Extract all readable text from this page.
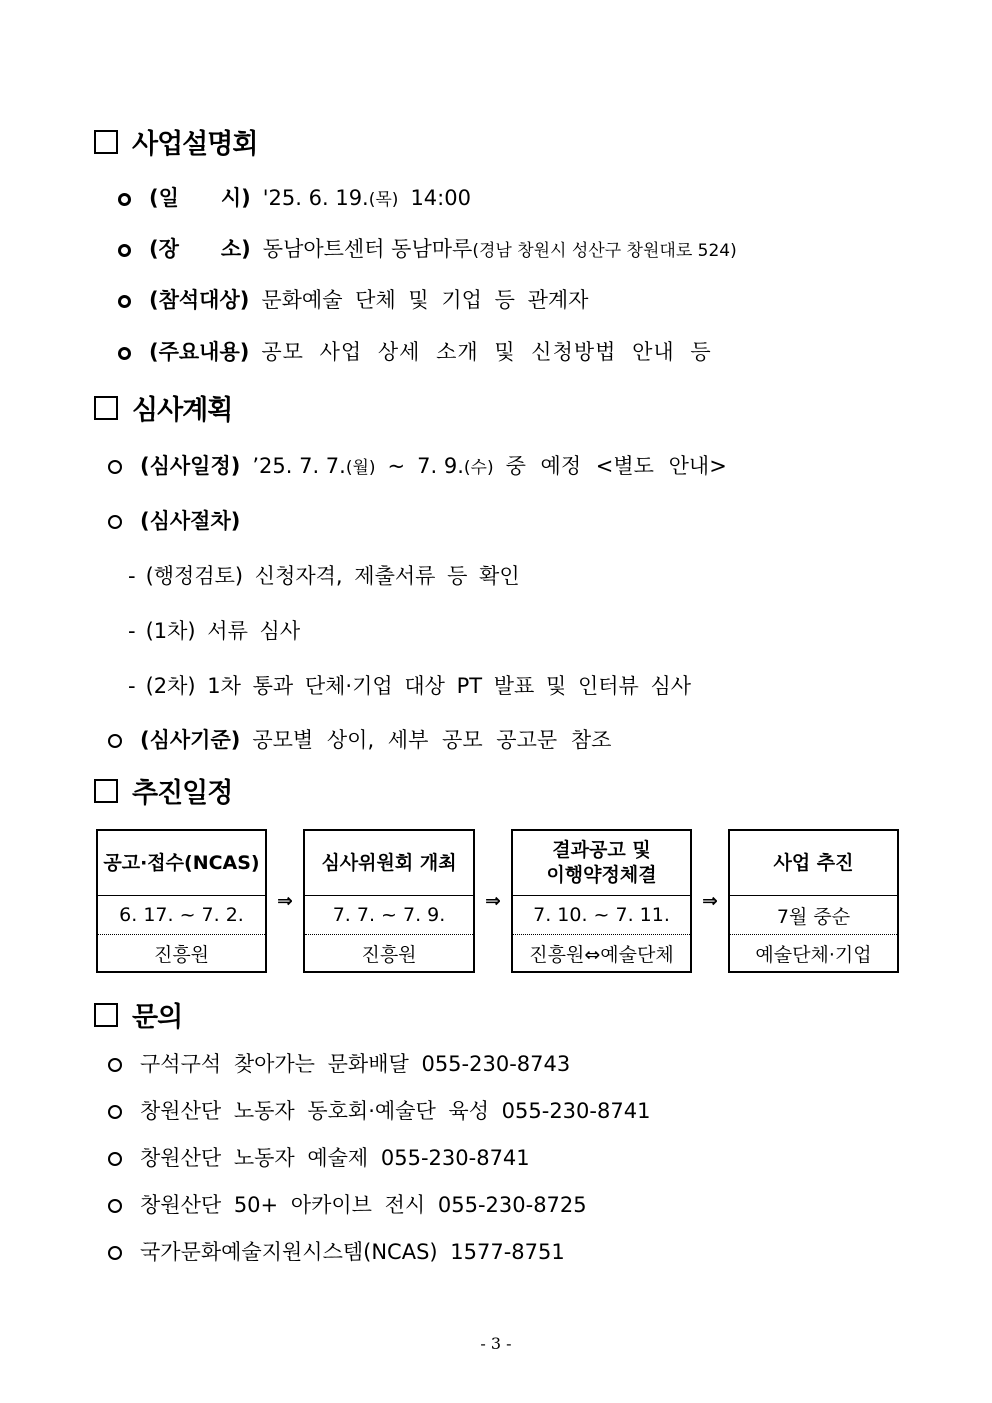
사업설명회
(일　　시) '25. 6. 19. (목) 14:00
(장　　소) 동남아트센터 동남마루 (경남 창원시 성산구 창원대로 524)
(참석대상) 문화예술 단체 및 기업 등 관계자
(주요내용) 공모 사업 상세 소개 및 신청방법 안내 등
심사계획
(심사일정) ’25. 7. 7. (월) ~ 7. 9. (수) 중 예정 <별도 안내>
(심사절차)
- (행정검토) 신청자격, 제출서류 등 확인
- (1차) 서류 심사
- (2차) 1차 통과 단체·기업 대상 PT 발표 및 인터뷰 심사
(심사기준) 공모별 상이, 세부 공모 공고문 참조
추진일정
공고·접수(NCAS)
6. 17. ~ 7. 2.
진흥원
⇒
심사위원회 개최
7. 7. ~ 7. 9.
진흥원
⇒
결과공고 및
이행약정체결
7. 10. ~ 7. 11.
진흥원⇔예술단체
⇒
사업 추진
7월 중순
예술단체·기업
문의
구석구석 찾아가는 문화배달 055-230-8743
창원산단 노동자 동호회·예술단 육성 055-230-8741
창원산단 노동자 예술제 055-230-8741
창원산단 50+ 아카이브 전시 055-230-8725
국가문화예술지원시스템(NCAS) 1577-8751
- 3 -
